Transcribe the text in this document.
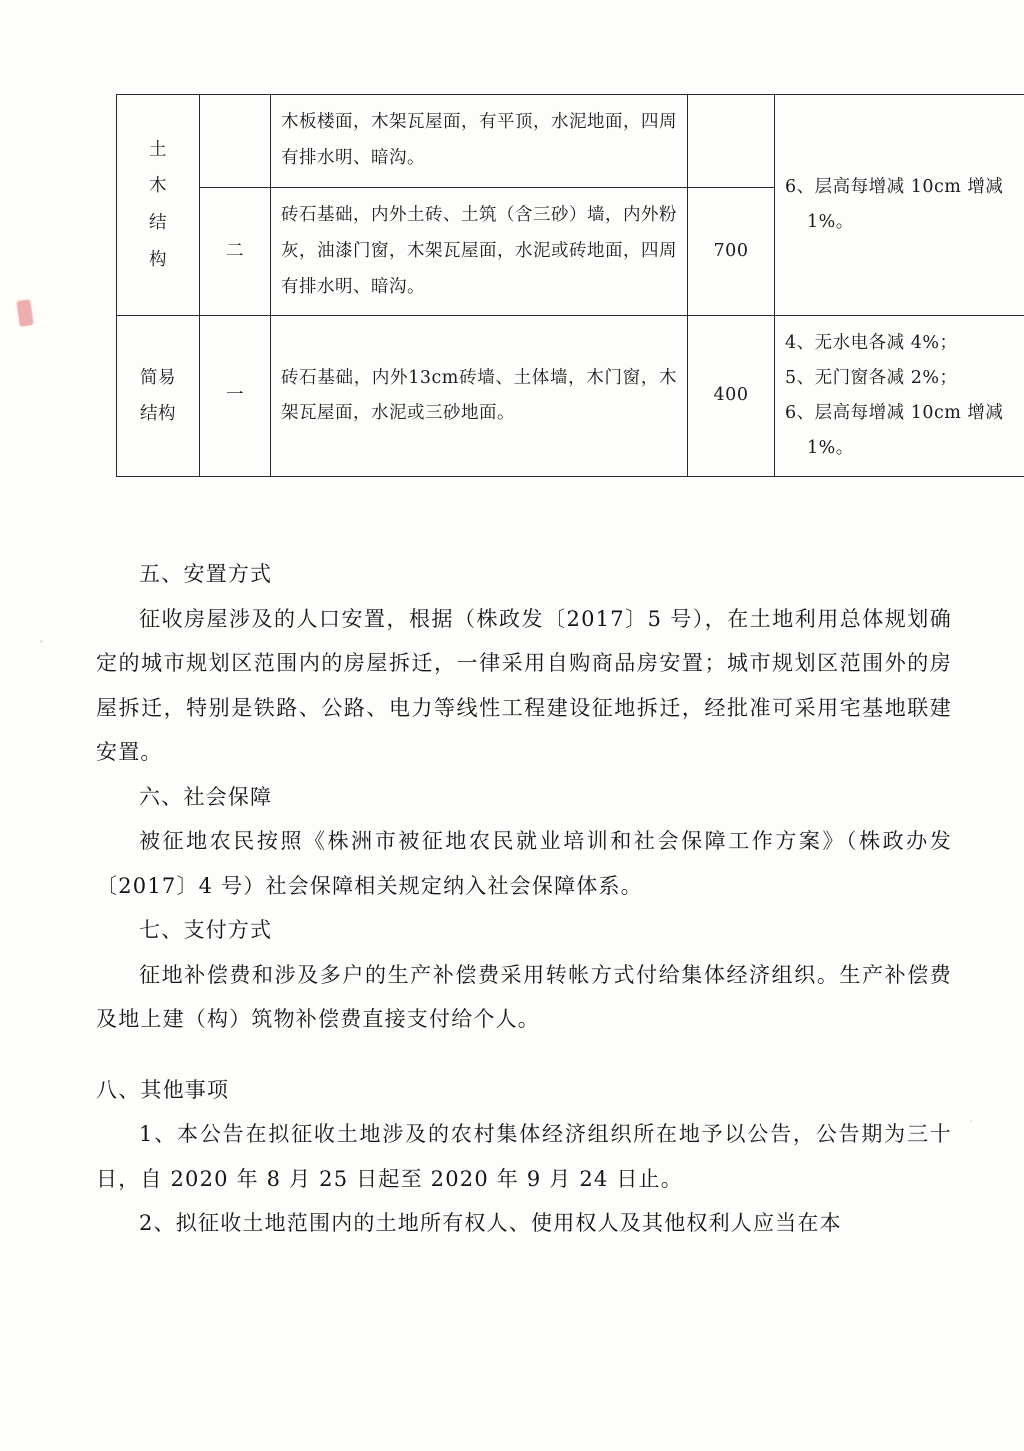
土
木
结
构		木板楼面，木架瓦屋面，有平顶，水泥地面，四周有排水明、暗沟。		6、层高每增减 10cm 增减
1%。

	二	砖石基础，内外土砖、土筑（含三砂）墙，内外粉灰，油漆门窗，木架瓦屋面，水泥或砖地面，四周有排水明、暗沟。	700	

简易
结构	一	砖石基础，内外13cm砖墙、土体墙，木门窗，木架瓦屋面，水泥或三砂地面。	400	4、无水电各减 4%；
5、无门窗各减 2%；
6、层高每增减 10cm 增减
1%。

五、安置方式

征收房屋涉及的人口安置，根据（株政发〔2017〕5 号），在土地利用总体规划确定的城市规划区范围内的房屋拆迁，一律采用自购商品房安置；城市规划区范围外的房屋拆迁，特别是铁路、公路、电力等线性工程建设征地拆迁，经批准可采用宅基地联建安置。

六、社会保障

被征地农民按照《株洲市被征地农民就业培训和社会保障工作方案》（株政办发〔2017〕4 号）社会保障相关规定纳入社会保障体系。

七、支付方式

征地补偿费和涉及多户的生产补偿费采用转帐方式付给集体经济组织。生产补偿费及地上建（构）筑物补偿费直接支付给个人。

八、其他事项

1、本公告在拟征收土地涉及的农村集体经济组织所在地予以公告，公告期为三十日，自 2020 年 8 月 25 日起至 2020 年 9 月 24 日止。

2、拟征收土地范围内的土地所有权人、使用权人及其他权利人应当在本
